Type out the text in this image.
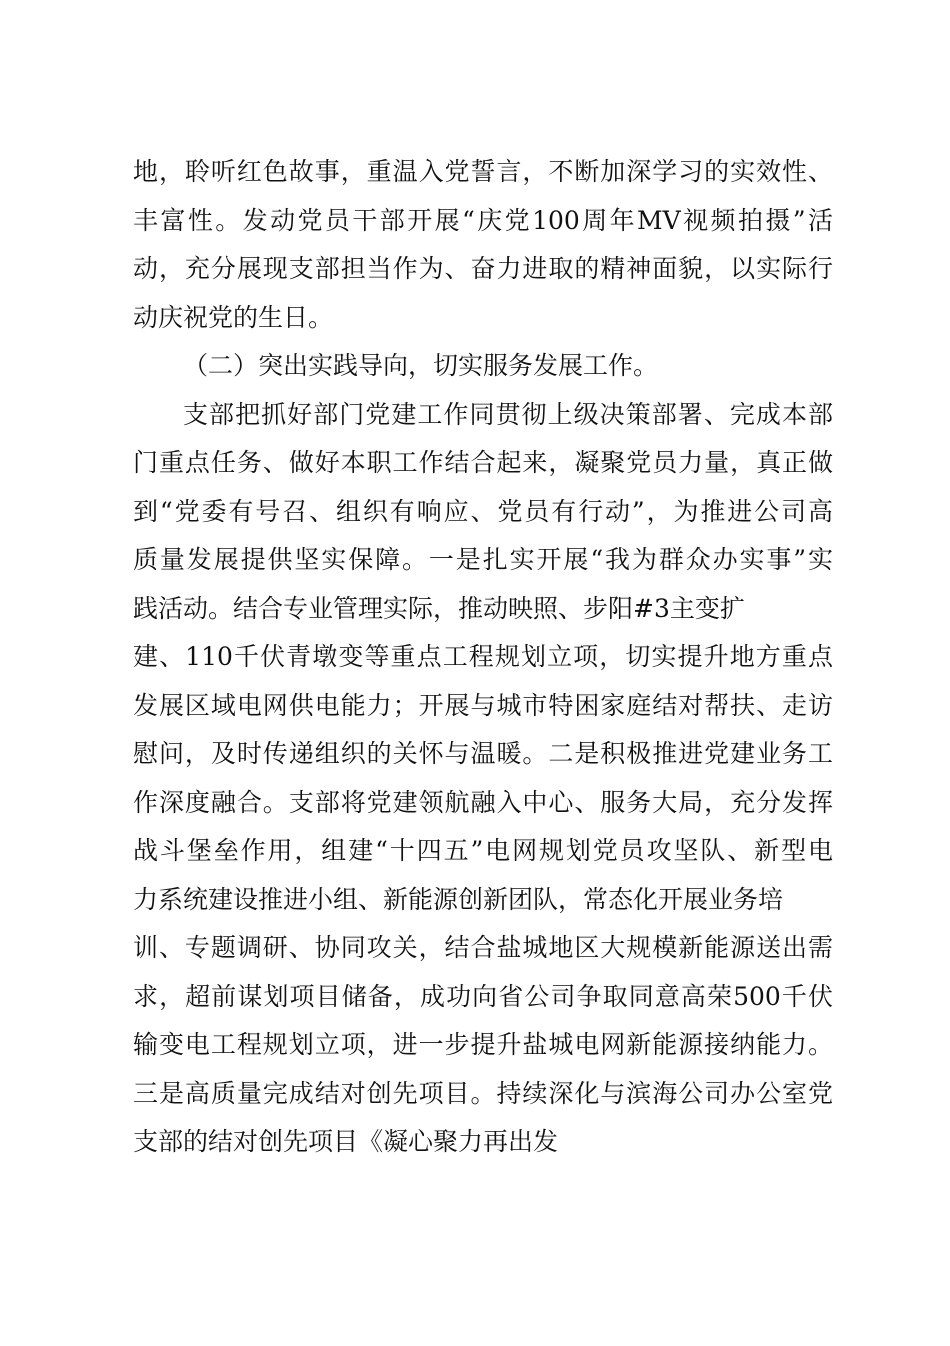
地，聆听红色故事，重温入党誓言，不断加深学习的实效性、
丰富性。发动党员干部开展“庆党100周年MV视频拍摄”活
动，充分展现支部担当作为、奋力进取的精神面貌，以实际行
动庆祝党的生日。
（二）突出实践导向，切实服务发展工作。
支部把抓好部门党建工作同贯彻上级决策部署、完成本部
门重点任务、做好本职工作结合起来，凝聚党员力量，真正做
到“党委有号召、组织有响应、党员有行动”，为推进公司高
质量发展提供坚实保障。一是扎实开展“我为群众办实事”实
践活动。结合专业管理实际，推动映照、步阳#3主变扩
建、110千伏青墩变等重点工程规划立项，切实提升地方重点
发展区域电网供电能力；开展与城市特困家庭结对帮扶、走访
慰问，及时传递组织的关怀与温暖。二是积极推进党建业务工
作深度融合。支部将党建领航融入中心、服务大局，充分发挥
战斗堡垒作用，组建“十四五”电网规划党员攻坚队、新型电
力系统建设推进小组、新能源创新团队，常态化开展业务培
训、专题调研、协同攻关，结合盐城地区大规模新能源送出需
求，超前谋划项目储备，成功向省公司争取同意高荣500千伏
输变电工程规划立项，进一步提升盐城电网新能源接纳能力。
三是高质量完成结对创先项目。持续深化与滨海公司办公室党
支部的结对创先项目《凝心聚力再出发
